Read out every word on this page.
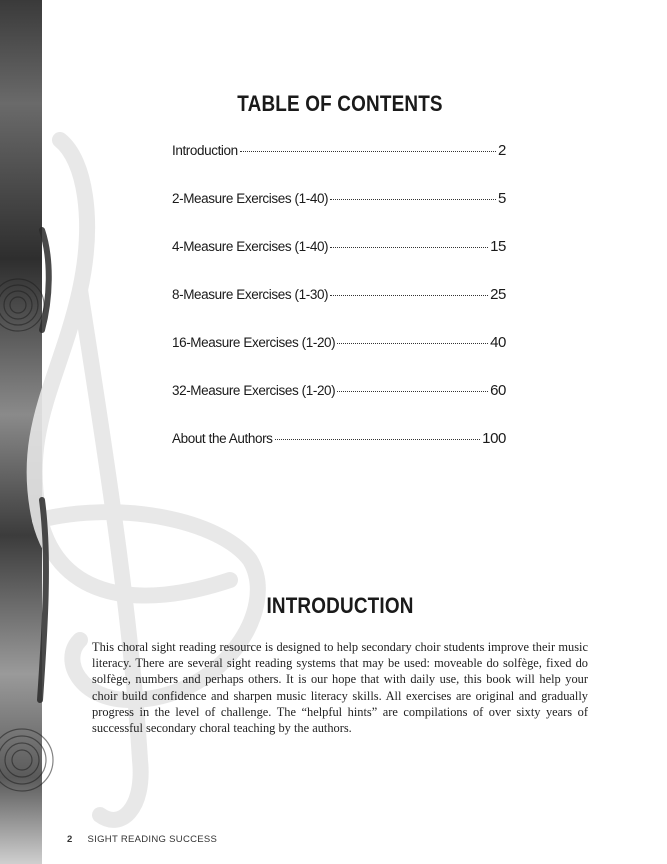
TABLE OF CONTENTS
Introduction	2
2-Measure Exercises (1-40)	5
4-Measure Exercises (1-40)	15
8-Measure Exercises (1-30)	25
16-Measure Exercises (1-20)	40
32-Measure Exercises (1-20)	60
About the Authors	100
INTRODUCTION

This choral sight reading resource is designed to help secondary choir students improve their music literacy. There are several sight reading systems that may be used: moveable do solfège, fixed do solfège, numbers and perhaps others. It is our hope that with daily use, this book will help your choir build confidence and sharpen music literacy skills. All exercises are original and gradually progress in the level of challenge. The “helpful hints” are compilations of over sixty years of successful secondary choral teaching by the authors.

2 SIGHT READING SUCCESS
